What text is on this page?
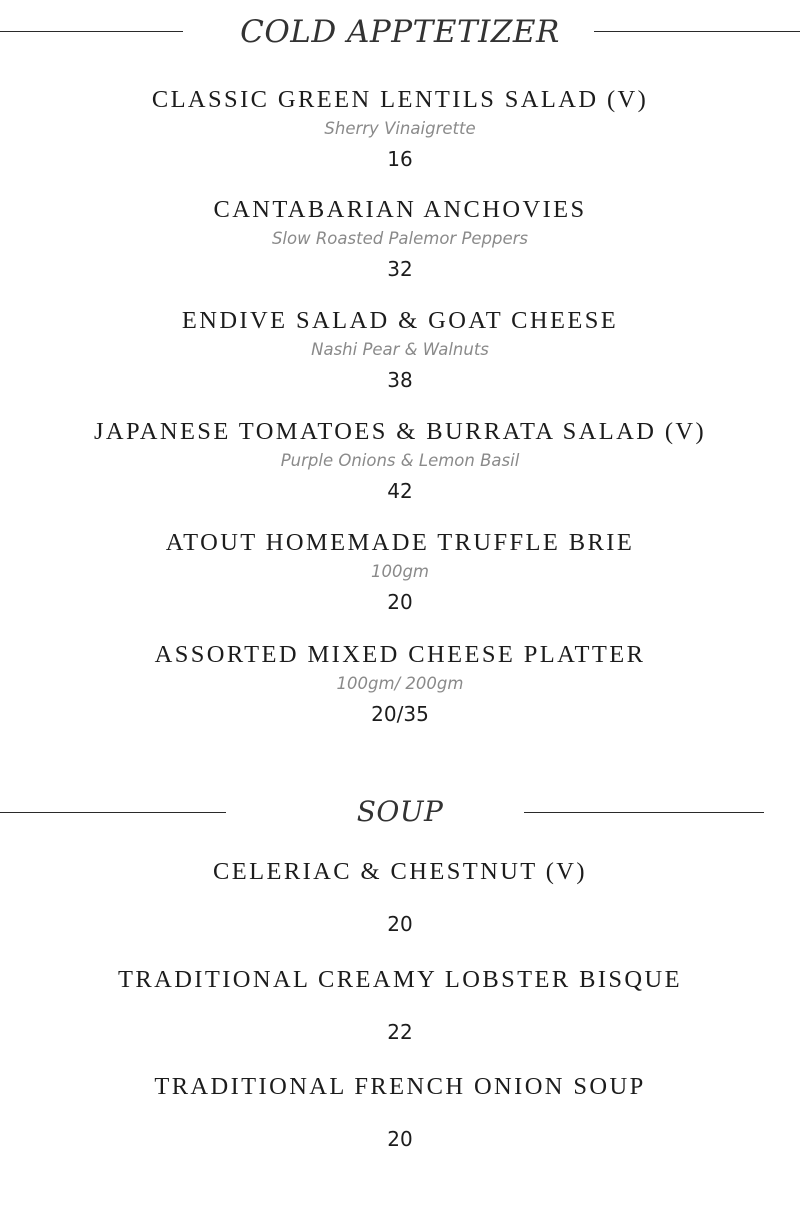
COLD APPTETIZER
CLASSIC GREEN LENTILS SALAD (V)
Sherry Vinaigrette
16
CANTABARIAN ANCHOVIES
Slow Roasted Palemor Peppers
32
ENDIVE SALAD & GOAT CHEESE
Nashi Pear & Walnuts
38
JAPANESE TOMATOES & BURRATA SALAD (V)
Purple Onions & Lemon Basil
42
ATOUT HOMEMADE TRUFFLE BRIE
100gm
20
ASSORTED MIXED CHEESE PLATTER
100gm/ 200gm
20/35
SOUP
CELERIAC & CHESTNUT (V)
20
TRADITIONAL CREAMY LOBSTER BISQUE
22
TRADITIONAL FRENCH ONION SOUP
20
